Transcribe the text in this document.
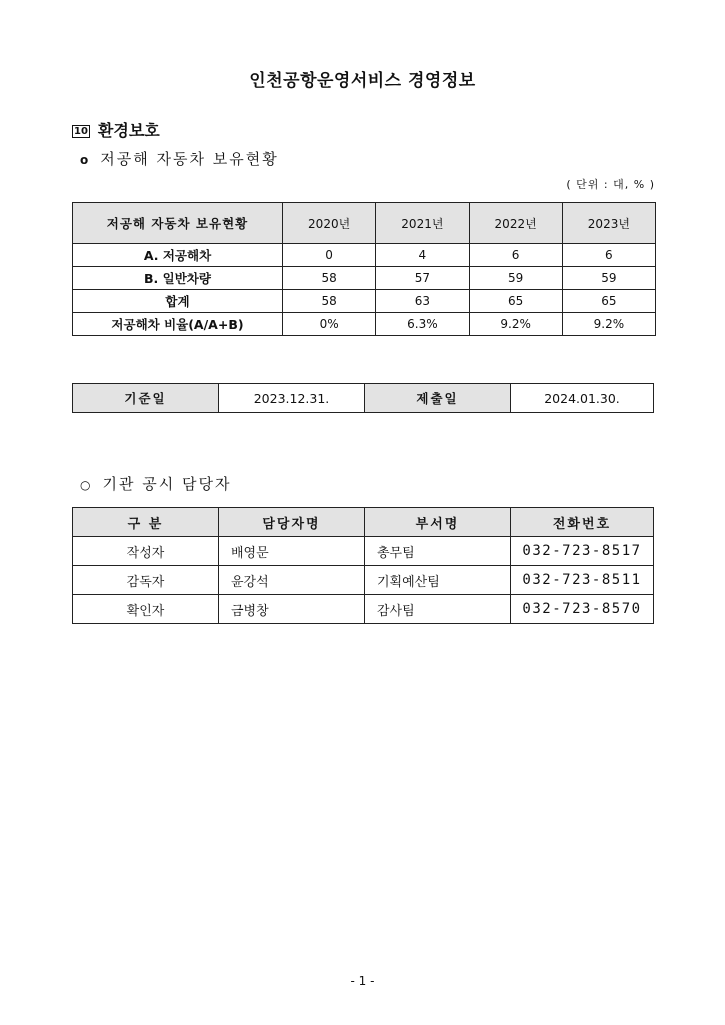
인천공항운영서비스 경영정보
10 환경보호
o 저공해 자동차 보유현황
( 단위 : 대, % )
저공해 자동차 보유현황	2020년	2021년	2022년	2023년
A. 저공해차	0	4	6	6
B. 일반차량	58	57	59	59
합계	58	63	65	65
저공해차 비율(A/A+B)	0%	6.3%	9.2%	9.2%
기준일	2023.12.31.	제출일	2024.01.30.
○ 기관 공시 담당자
구 분	담당자명	부서명	전화번호
작성자	배영문	총무팀	032-723-8517
감독자	윤강석	기획예산팀	032-723-8511
확인자	금병창	감사팀	032-723-8570
- 1 -
